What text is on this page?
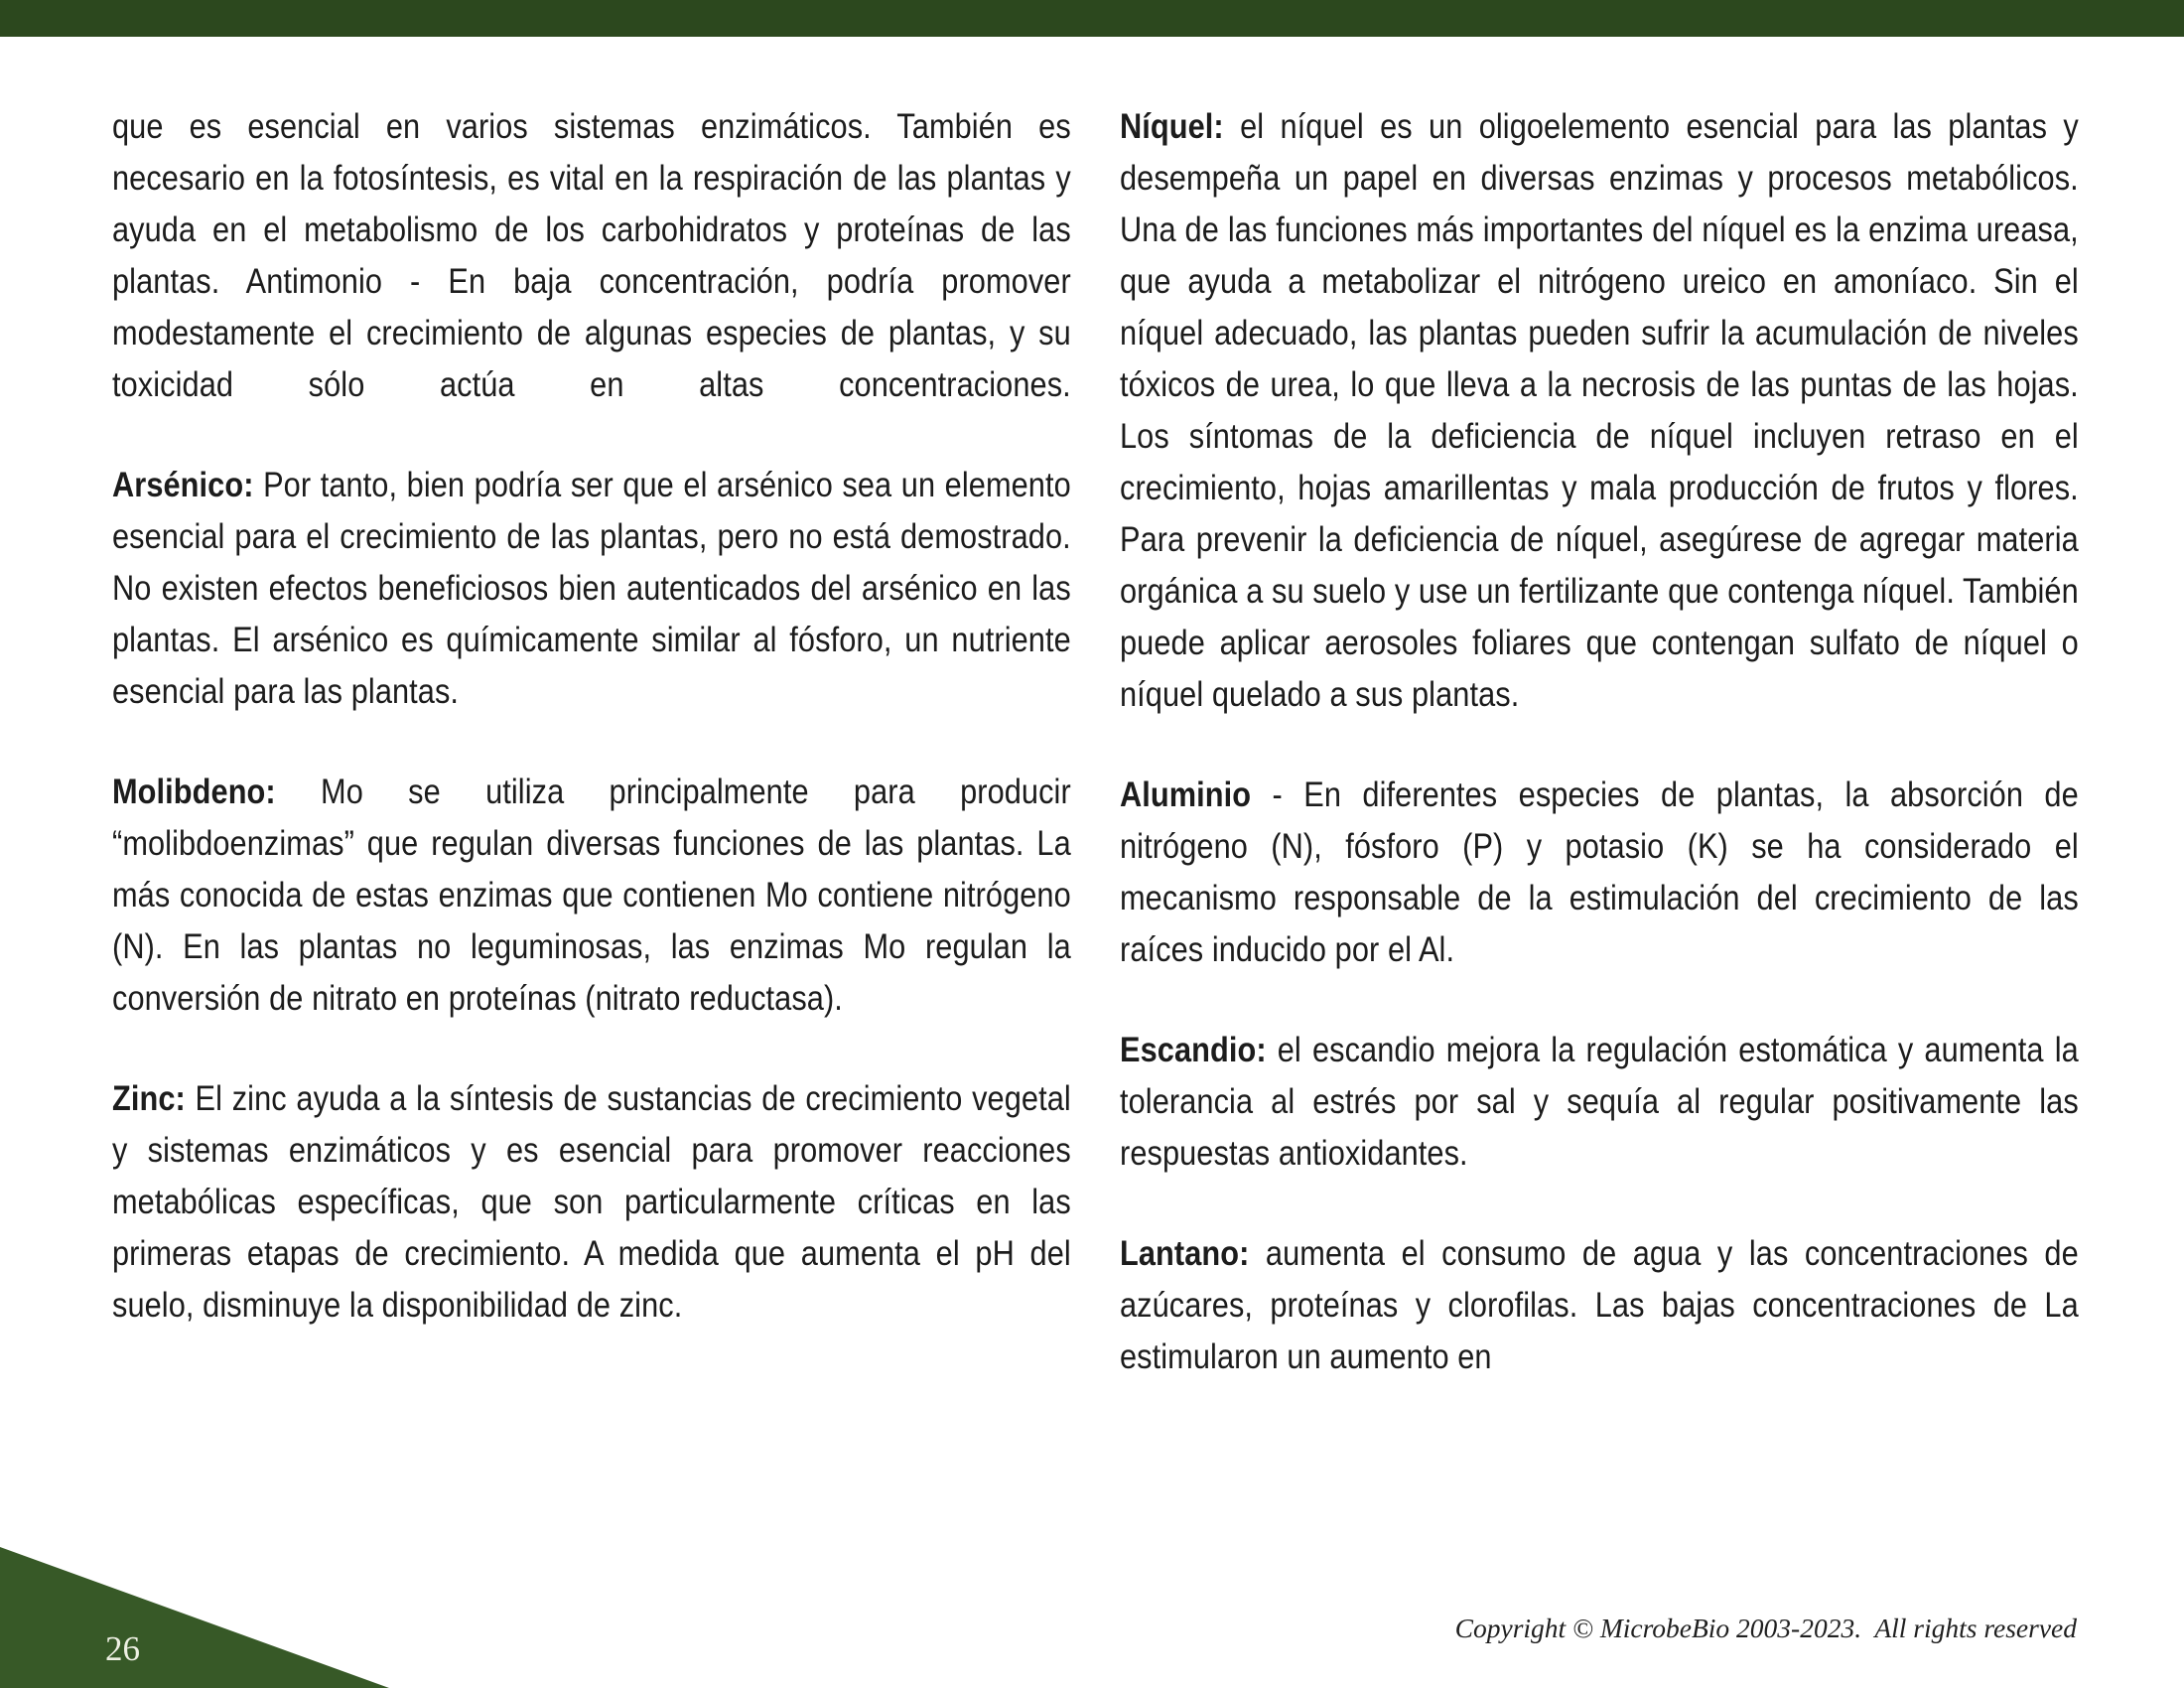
que es esencial en varios sistemas enzimáticos. También es necesario en la fotosíntesis, es vital en la respiración de las plantas y ayuda en el metabolismo de los carbohidratos y proteínas de las plantas. Antimonio - En baja concentración, podría promover modestamente el crecimiento de algunas especies de plantas, y su toxicidad sólo actúa en altas concentraciones.

Arsénico: Por tanto, bien podría ser que el arsénico sea un elemento esencial para el crecimiento de las plantas, pero no está demostrado. No existen efectos beneficiosos bien autenticados del arsénico en las plantas. El arsénico es químicamente similar al fósforo, un nutriente esencial para las plantas.

Molibdeno: Mo se utiliza principalmente para producir “molibdoenzimas” que regulan diversas funciones de las plantas. La más conocida de estas enzimas que contienen Mo contiene nitrógeno (N). En las plantas no leguminosas, las enzimas Mo regulan la conversión de nitrato en proteínas (nitrato reductasa).

Zinc: El zinc ayuda a la síntesis de sustancias de crecimiento vegetal y sistemas enzimáticos y es esencial para promover reacciones metabólicas específicas, que son particularmente críticas en las primeras etapas de crecimiento. A medida que aumenta el pH del suelo, disminuye la disponibilidad de zinc.

Níquel: el níquel es un oligoelemento esencial para las plantas y desempeña un papel en diversas enzimas y procesos metabólicos. Una de las funciones más importantes del níquel es la enzima ureasa, que ayuda a metabolizar el nitrógeno ureico en amoníaco. Sin el níquel adecuado, las plantas pueden sufrir la acumulación de niveles tóxicos de urea, lo que lleva a la necrosis de las puntas de las hojas. Los síntomas de la deficiencia de níquel incluyen retraso en el crecimiento, hojas amarillentas y mala producción de frutos y flores. Para prevenir la deficiencia de níquel, asegúrese de agregar materia orgánica a su suelo y use un fertilizante que contenga níquel. También puede aplicar aerosoles foliares que contengan sulfato de níquel o níquel quelado a sus plantas.

Aluminio - En diferentes especies de plantas, la absorción de nitrógeno (N), fósforo (P) y potasio (K) se ha considerado el mecanismo responsable de la estimulación del crecimiento de las raíces inducido por el Al.

Escandio: el escandio mejora la regulación estomática y aumenta la tolerancia al estrés por sal y sequía al regular positivamente las respuestas antioxidantes.

Lantano: aumenta el consumo de agua y las concentraciones de azúcares, proteínas y clorofilas. Las bajas concentraciones de La estimularon un aumento en

26
Copyright © MicrobeBio 2003-2023.  All rights reserved
